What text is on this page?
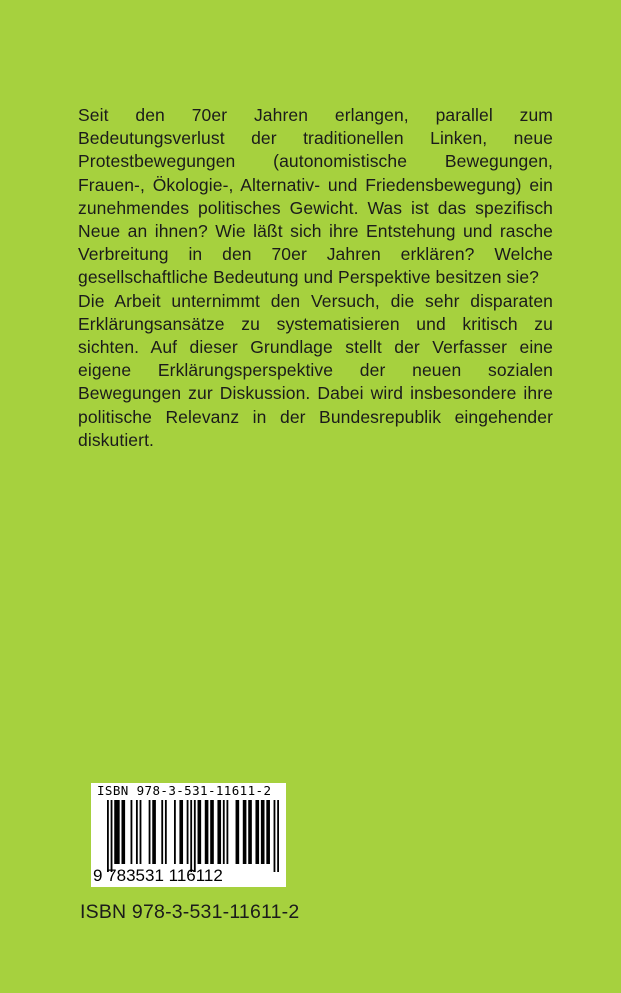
Seit den 70er Jahren erlangen, parallel zum Bedeutungsverlust der traditionellen Linken, neue Protestbewegungen (autonomistische Bewegungen, Frauen-, Ökologie-, Alternativ- und Friedensbewegung) ein zunehmendes politisches Gewicht. Was ist das spezifisch Neue an ihnen? Wie läßt sich ihre Entstehung und rasche Verbreitung in den 70er Jahren erklären? Welche gesellschaftliche Bedeutung und Perspektive besitzen sie?

Die Arbeit unternimmt den Versuch, die sehr disparaten Erklärungsansätze zu systematisieren und kritisch zu sichten. Auf dieser Grundlage stellt der Verfasser eine eigene Erklärungsperspektive der neuen sozialen Bewegungen zur Diskussion. Dabei wird insbesondere ihre politische Relevanz in der Bundesrepublik eingehender diskutiert.

ISBN 978-3-531-11611-2
9 783531 116112
ISBN 978-3-531-11611-2
